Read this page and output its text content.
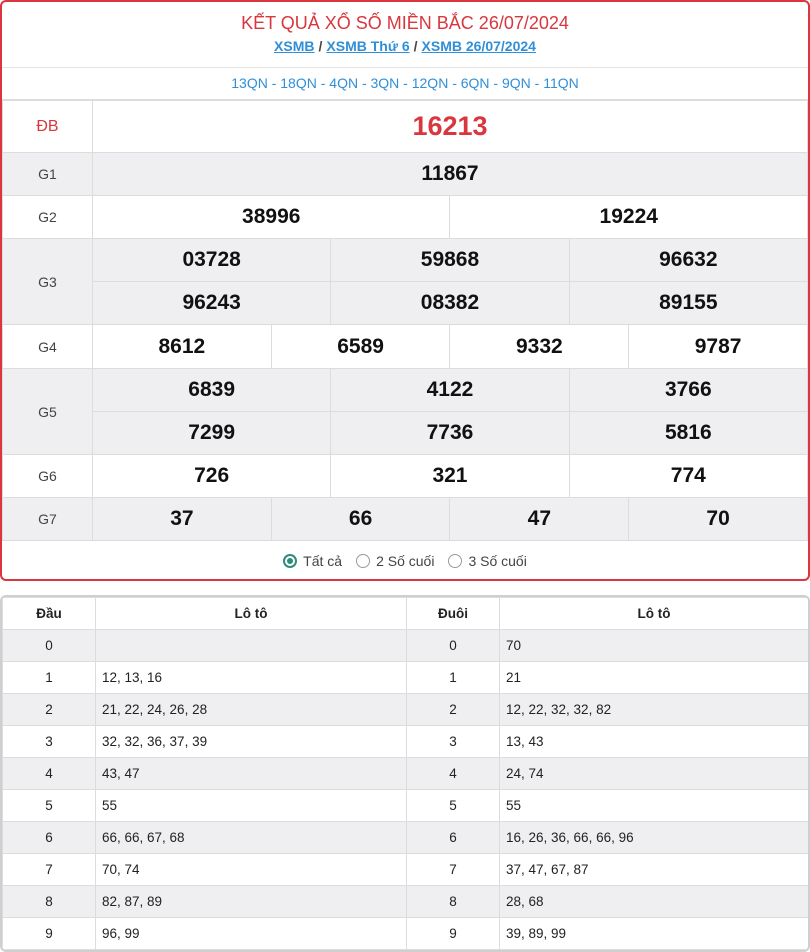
KẾT QUẢ XỔ SỐ MIỀN BẮC 26/07/2024
XSMB / XSMB Thứ 6 / XSMB 26/07/2024
13QN - 18QN - 4QN - 3QN - 12QN - 6QN - 9QN - 11QN
ĐB	16213					
G1	11867					
G2	38996			19224		
G3	03728		59868		96632	
	96243		08382		89155	
G4	8612	6589		9332		9787
G5	6839		4122		3766	
	7299		7736		5816	
G6	726		321		774	
G7	37	66		47		70
Tất cả 2 Số cuối 3 Số cuối
Đầu	Lô tô	Đuôi	Lô tô
0		0	70
1	12, 13, 16	1	21
2	21, 22, 24, 26, 28	2	12, 22, 32, 32, 82
3	32, 32, 36, 37, 39	3	13, 43
4	43, 47	4	24, 74
5	55	5	55
6	66, 66, 67, 68	6	16, 26, 36, 66, 66, 96
7	70, 74	7	37, 47, 67, 87
8	82, 87, 89	8	28, 68
9	96, 99	9	39, 89, 99
